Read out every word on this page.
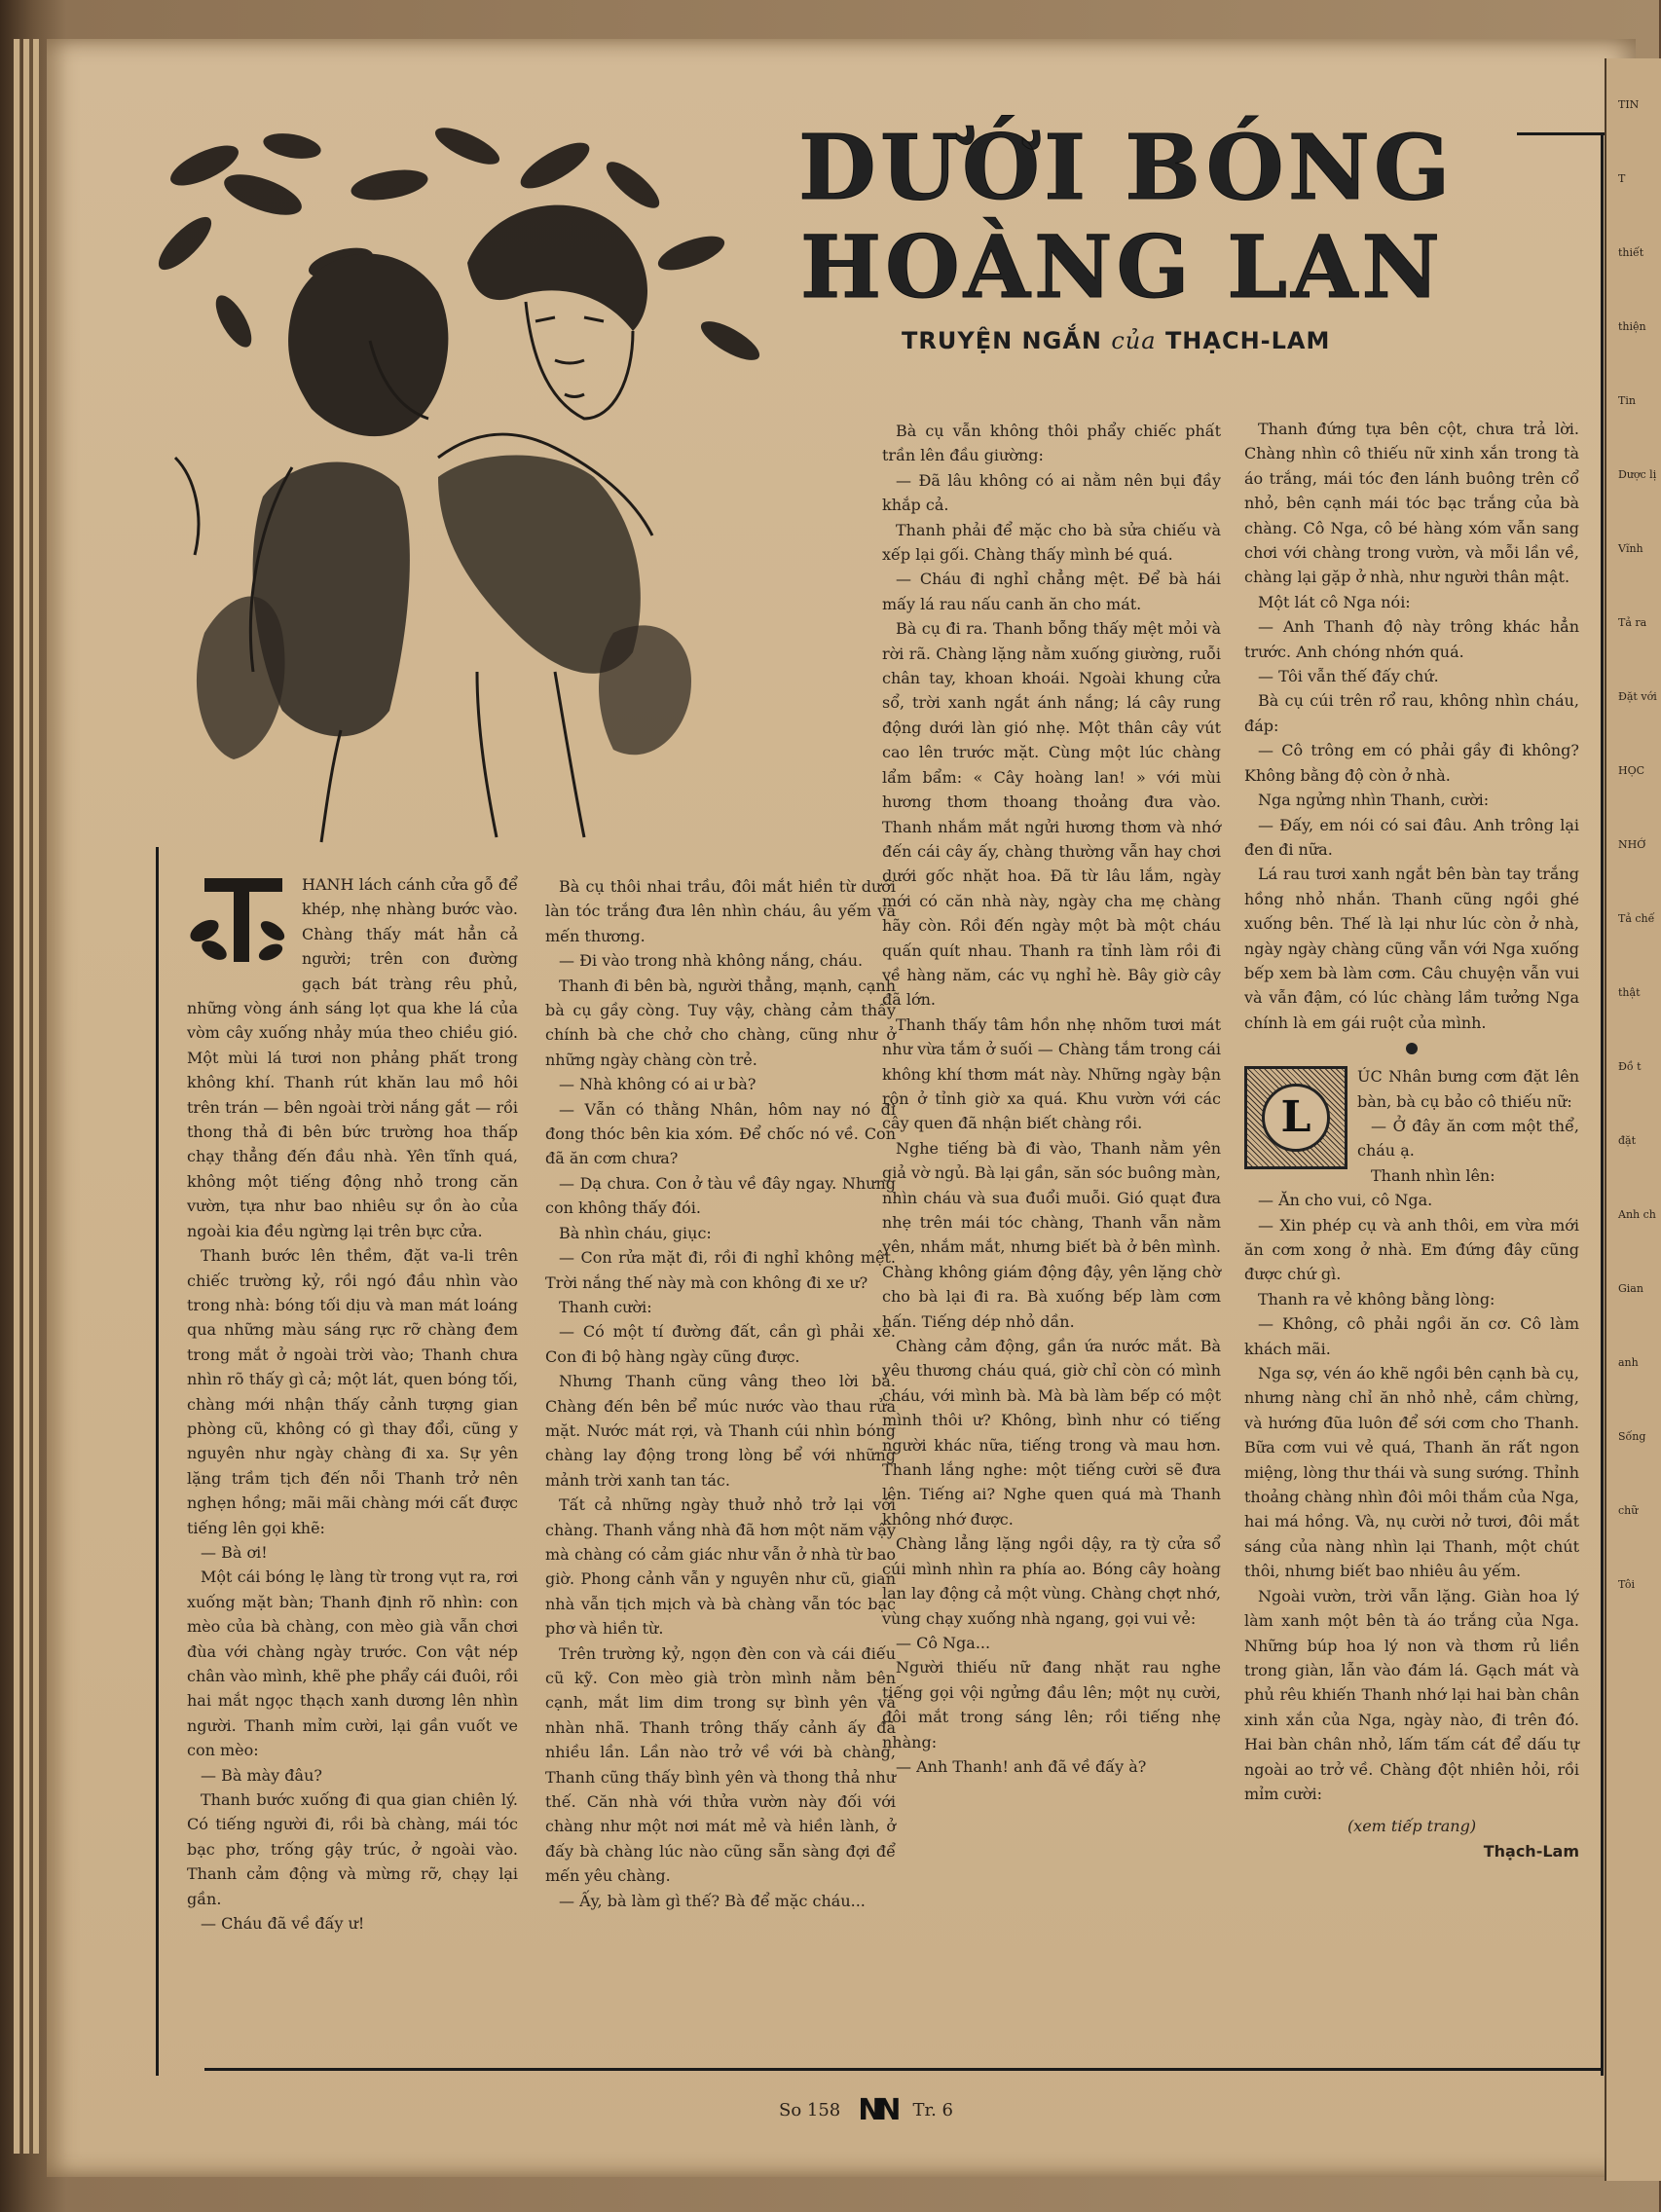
DƯỚI BÓNG
HOÀNG LAN
TRUYỆN NGẮN của THẠCH-LAM

HANH lách cánh cửa gỗ để khép, nhẹ nhàng bước vào. Chàng thấy mát hẳn cả người; trên con đường gạch bát tràng rêu phủ, những vòng ánh sáng lọt qua khe lá của vòm cây xuống nhảy múa theo chiều gió. Một mùi lá tươi non phảng phất trong không khí. Thanh rút khăn lau mồ hôi trên trán — bên ngoài trời nắng gắt — rồi thong thả đi bên bức trường hoa thấp chạy thẳng đến đầu nhà. Yên tĩnh quá, không một tiếng động nhỏ trong căn vườn, tựa như bao nhiêu sự ồn ào của ngoài kia đều ngừng lại trên bực cửa.

Thanh bước lên thềm, đặt va-li trên chiếc trường kỷ, rồi ngó đầu nhìn vào trong nhà: bóng tối dịu và man mát loáng qua những màu sáng rực rỡ chàng đem trong mắt ở ngoài trời vào; Thanh chưa nhìn rõ thấy gì cả; một lát, quen bóng tối, chàng mới nhận thấy cảnh tượng gian phòng cũ, không có gì thay đổi, cũng y nguyên như ngày chàng đi xa. Sự yên lặng trầm tịch đến nỗi Thanh trở nên nghẹn hồng; mãi mãi chàng mới cất được tiếng lên gọi khẽ:

— Bà ơi!

Một cái bóng lẹ làng từ trong vụt ra, rơi xuống mặt bàn; Thanh định rõ nhìn: con mèo của bà chàng, con mèo già vẫn chơi đùa với chàng ngày trước. Con vật nép chân vào mình, khẽ phe phẩy cái đuôi, rồi hai mắt ngọc thạch xanh dương lên nhìn người. Thanh mỉm cười, lại gần vuốt ve con mèo:

— Bà mày đâu?

Thanh bước xuống đi qua gian chiên lý. Có tiếng người đi, rồi bà chàng, mái tóc bạc phơ, trống gậy trúc, ở ngoài vào. Thanh cảm động và mừng rỡ, chạy lại gần.

— Cháu đã về đấy ư!

Bà cụ thôi nhai trầu, đôi mắt hiền từ dưới làn tóc trắng đưa lên nhìn cháu, âu yếm và mến thương.

— Đi vào trong nhà không nắng, cháu.

Thanh đi bên bà, người thẳng, mạnh, cạnh bà cụ gầy còng. Tuy vậy, chàng cảm thấy chính bà che chở cho chàng, cũng như ở những ngày chàng còn trẻ.

— Nhà không có ai ư bà?

— Vẫn có thằng Nhân, hôm nay nó đi đong thóc bên kia xóm. Để chốc nó về. Con đã ăn cơm chưa?

— Dạ chưa. Con ở tàu về đây ngay. Nhưng con không thấy đói.

Bà nhìn cháu, giục:

— Con rửa mặt đi, rồi đi nghỉ không mệt. Trời nắng thế này mà con không đi xe ư?

Thanh cười:

— Có một tí đường đất, cần gì phải xe. Con đi bộ hàng ngày cũng được.

Nhưng Thanh cũng vâng theo lời bà. Chàng đến bên bể múc nước vào thau rửa mặt. Nước mát rợi, và Thanh cúi nhìn bóng chàng lay động trong lòng bể với những mảnh trời xanh tan tác.

Tất cả những ngày thuở nhỏ trở lại với chàng. Thanh vắng nhà đã hơn một năm vậy mà chàng có cảm giác như vẫn ở nhà từ bao giờ. Phong cảnh vẫn y nguyên như cũ, gian nhà vẫn tịch mịch và bà chàng vẫn tóc bạc phơ và hiền từ.

Trên trường kỷ, ngọn đèn con và cái điếu cũ kỹ. Con mèo già tròn mình nằm bên cạnh, mắt lim dim trong sự bình yên và nhàn nhã. Thanh trông thấy cảnh ấy đã nhiều lần. Lần nào trở về với bà chàng, Thanh cũng thấy bình yên và thong thả như thế. Căn nhà với thửa vườn này đối với chàng như một nơi mát mẻ và hiền lành, ở đấy bà chàng lúc nào cũng sẵn sàng đợi để mến yêu chàng.

— Ấy, bà làm gì thế? Bà để mặc cháu...

Bà cụ vẫn không thôi phẩy chiếc phất trần lên đầu giường:

— Đã lâu không có ai nằm nên bụi đầy khắp cả.

Thanh phải để mặc cho bà sửa chiếu và xếp lại gối. Chàng thấy mình bé quá.

— Cháu đi nghỉ chẳng mệt. Để bà hái mấy lá rau nấu canh ăn cho mát.

Bà cụ đi ra. Thanh bỗng thấy mệt mỏi và rời rã. Chàng lặng nằm xuống giường, ruỗi chân tay, khoan khoái. Ngoài khung cửa sổ, trời xanh ngắt ánh nắng; lá cây rung động dưới làn gió nhẹ. Một thân cây vút cao lên trước mặt. Cùng một lúc chàng lẩm bẩm: « Cây hoàng lan! » với mùi hương thơm thoang thoảng đưa vào. Thanh nhắm mắt ngửi hương thơm và nhớ đến cái cây ấy, chàng thường vẫn hay chơi dưới gốc nhặt hoa. Đã từ lâu lắm, ngày mới có căn nhà này, ngày cha mẹ chàng hãy còn. Rồi đến ngày một bà một cháu quấn quít nhau. Thanh ra tỉnh làm rồi đi về hàng năm, các vụ nghỉ hè. Bây giờ cây đã lớn.

Thanh thấy tâm hồn nhẹ nhõm tươi mát như vừa tắm ở suối — Chàng tắm trong cái không khí thơm mát này. Những ngày bận rộn ở tỉnh giờ xa quá. Khu vườn với các cây quen đã nhận biết chàng rồi.

Nghe tiếng bà đi vào, Thanh nằm yên giả vờ ngủ. Bà lại gần, săn sóc buông màn, nhìn cháu và sua đuổi muỗi. Gió quạt đưa nhẹ trên mái tóc chàng, Thanh vẫn nằm yên, nhắm mắt, nhưng biết bà ở bên mình. Chàng không giám động đậy, yên lặng chờ cho bà lại đi ra. Bà xuống bếp làm cơm hấn. Tiếng dép nhỏ dần.

Chàng cảm động, gần ứa nước mắt. Bà yêu thương cháu quá, giờ chỉ còn có mình cháu, với mình bà. Mà bà làm bếp có một mình thôi ư? Không, bình như có tiếng người khác nữa, tiếng trong và mau hơn. Thanh lắng nghe: một tiếng cười sẽ đưa lên. Tiếng ai? Nghe quen quá mà Thanh không nhớ được.

Chàng lẳng lặng ngồi dậy, ra tỳ cửa sổ cúi mình nhìn ra phía ao. Bóng cây hoàng lan lay động cả một vùng. Chàng chợt nhớ, vùng chạy xuống nhà ngang, gọi vui vẻ:

— Cô Nga...

Người thiếu nữ đang nhặt rau nghe tiếng gọi vội ngửng đầu lên; một nụ cười, đôi mắt trong sáng lên; rồi tiếng nhẹ nhàng:

— Anh Thanh! anh đã về đấy à?

Thanh đứng tựa bên cột, chưa trả lời. Chàng nhìn cô thiếu nữ xinh xắn trong tà áo trắng, mái tóc đen lánh buông trên cổ nhỏ, bên cạnh mái tóc bạc trắng của bà chàng. Cô Nga, cô bé hàng xóm vẫn sang chơi với chàng trong vườn, và mỗi lần về, chàng lại gặp ở nhà, như người thân mật.

Một lát cô Nga nói:

— Anh Thanh độ này trông khác hẳn trước. Anh chóng nhớn quá.

— Tôi vẫn thế đấy chứ.

Bà cụ cúi trên rổ rau, không nhìn cháu, đáp:

— Cô trông em có phải gầy đi không? Không bằng độ còn ở nhà.

Nga ngửng nhìn Thanh, cười:

— Đấy, em nói có sai đâu. Anh trông lại đen đi nữa.

Lá rau tươi xanh ngắt bên bàn tay trắng hồng nhỏ nhắn. Thanh cũng ngồi ghé xuống bên. Thế là lại như lúc còn ở nhà, ngày ngày chàng cũng vẫn với Nga xuống bếp xem bà làm cơm. Câu chuyện vẫn vui và vẫn đậm, có lúc chàng lầm tưởng Nga chính là em gái ruột của mình.

L

ÚC Nhân bưng cơm đặt lên bàn, bà cụ bảo cô thiếu nữ:

— Ở đây ăn cơm một thể, cháu ạ.

Thanh nhìn lên:

— Ăn cho vui, cô Nga.

— Xin phép cụ và anh thôi, em vừa mới ăn cơm xong ở nhà. Em đứng đây cũng được chứ gì.

Thanh ra vẻ không bằng lòng:

— Không, cô phải ngồi ăn cơ. Cô làm khách mãi.

Nga sợ, vén áo khẽ ngồi bên cạnh bà cụ, nhưng nàng chỉ ăn nhỏ nhẻ, cầm chừng, và hướng đũa luôn để sới cơm cho Thanh. Bữa cơm vui vẻ quá, Thanh ăn rất ngon miệng, lòng thư thái và sung sướng. Thỉnh thoảng chàng nhìn đôi môi thắm của Nga, hai má hồng. Và, nụ cười nở tươi, đôi mắt sáng của nàng nhìn lại Thanh, một chút thôi, nhưng biết bao nhiêu âu yếm.

Ngoài vườn, trời vẫn lặng. Giàn hoa lý làm xanh một bên tà áo trắng của Nga. Những búp hoa lý non và thơm rủ liền trong giàn, lẫn vào đám lá. Gạch mát và phủ rêu khiến Thanh nhớ lại hai bàn chân xinh xắn của Nga, ngày nào, đi trên đó. Hai bàn chân nhỏ, lấm tấm cát để dấu tự ngoài ao trở về. Chàng đột nhiên hỏi, rồi mỉm cười:

(xem tiếp trang)
Thạch-Lam
So 158 NN Tr. 6
TIN
T
thiết
thiện
Tin
Dược lị
Vĩnh
Tả ra
Đặt với
HỌC
NHỚ
Tả chế
thật
Đồ t
đặt
Anh ch
Gian
anh
Sống
chữ
Tôi
